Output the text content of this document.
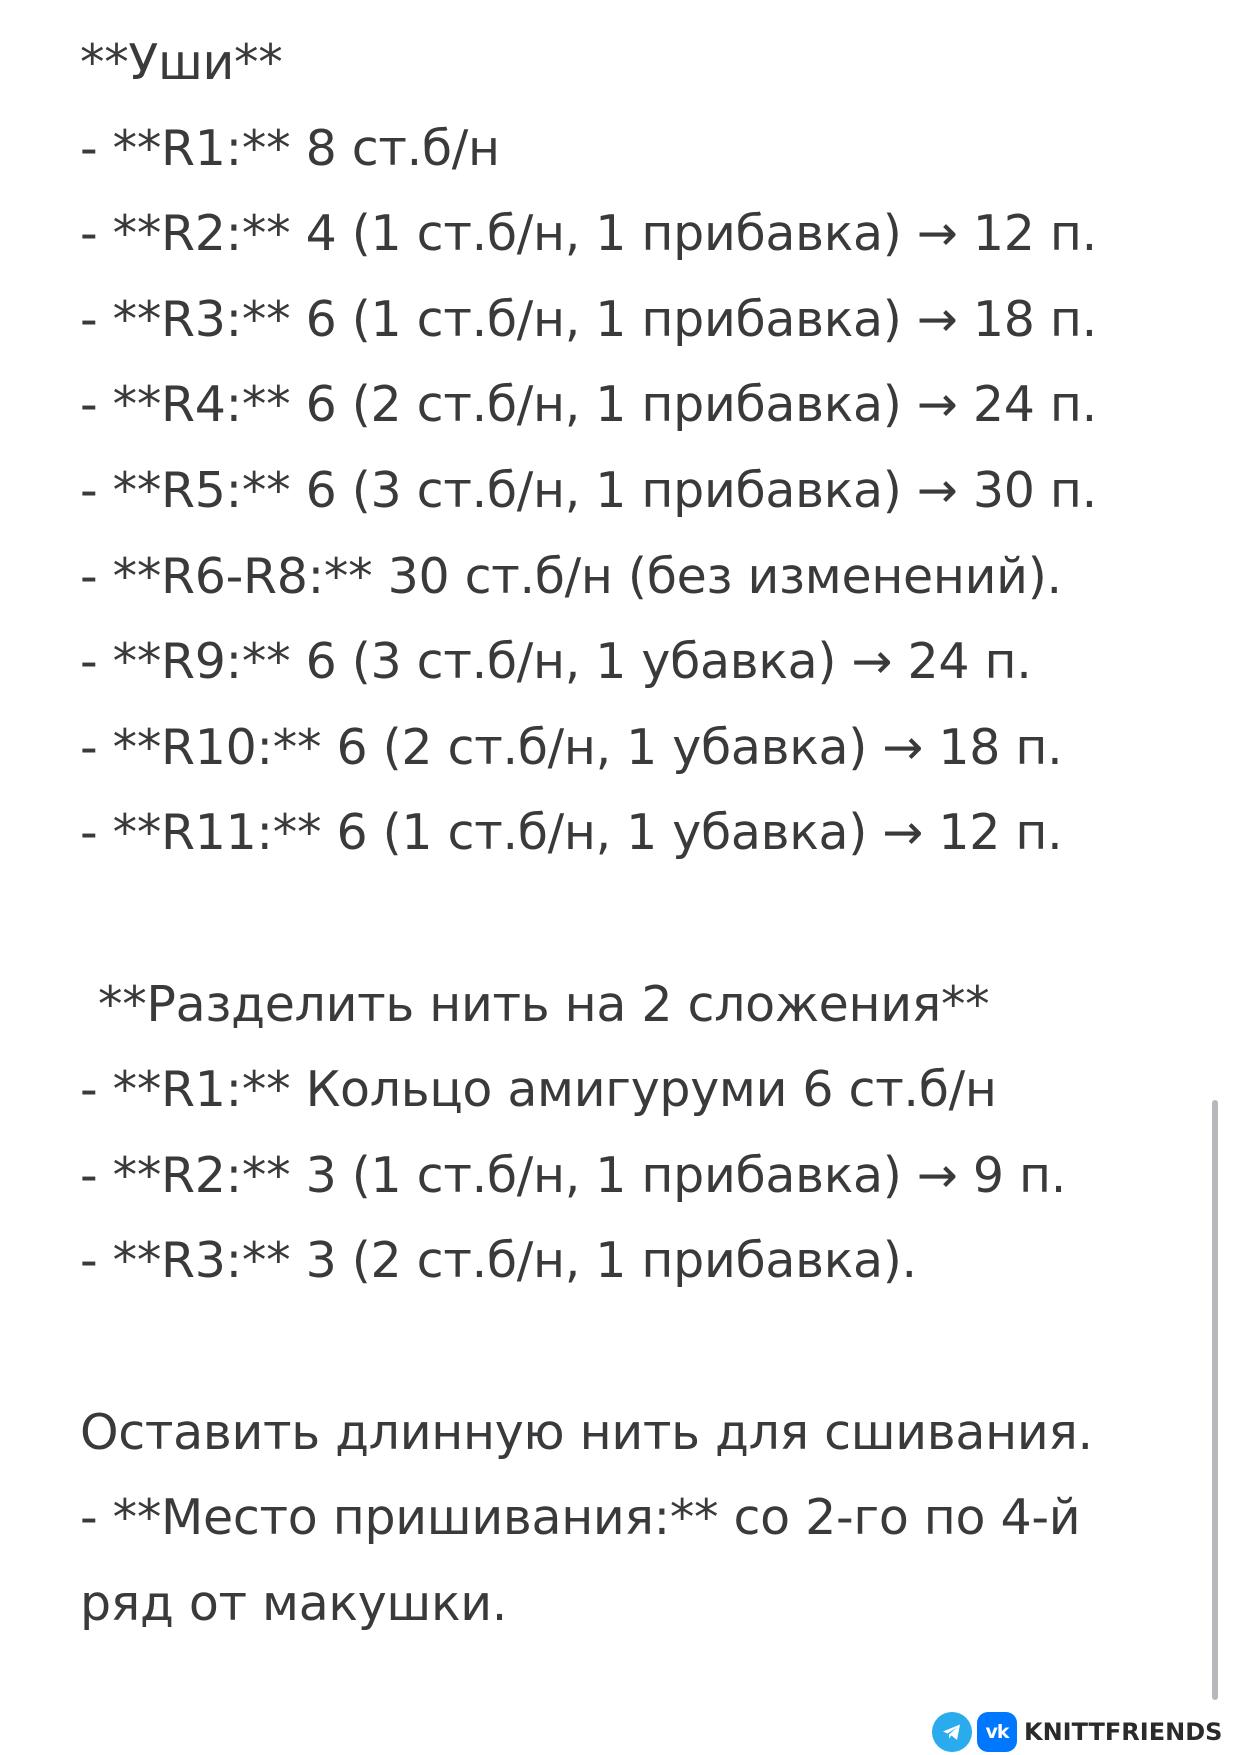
**Уши**
- **R1:** 8 ст.б/н
- **R2:** 4 (1 ст.б/н, 1 прибавка) → 12 п.
- **R3:** 6 (1 ст.б/н, 1 прибавка) → 18 п.
- **R4:** 6 (2 ст.б/н, 1 прибавка) → 24 п.
- **R5:** 6 (3 ст.б/н, 1 прибавка) → 30 п.
- **R6-R8:** 30 ст.б/н (без изменений).
- **R9:** 6 (3 ст.б/н, 1 убавка) → 24 п.
- **R10:** 6 (2 ст.б/н, 1 убавка) → 18 п.
- **R11:** 6 (1 ст.б/н, 1 убавка) → 12 п.
**Разделить нить на 2 сложения**
- **R1:** Кольцо амигуруми 6 ст.б/н
- **R2:** 3 (1 ст.б/н, 1 прибавка) → 9 п.
- **R3:** 3 (2 ст.б/н, 1 прибавка).
Оставить длинную нить для сшивания.
- **Место пришивания:** со 2-го по 4-й ряд от макушки.
vk KNITTFRIENDS
